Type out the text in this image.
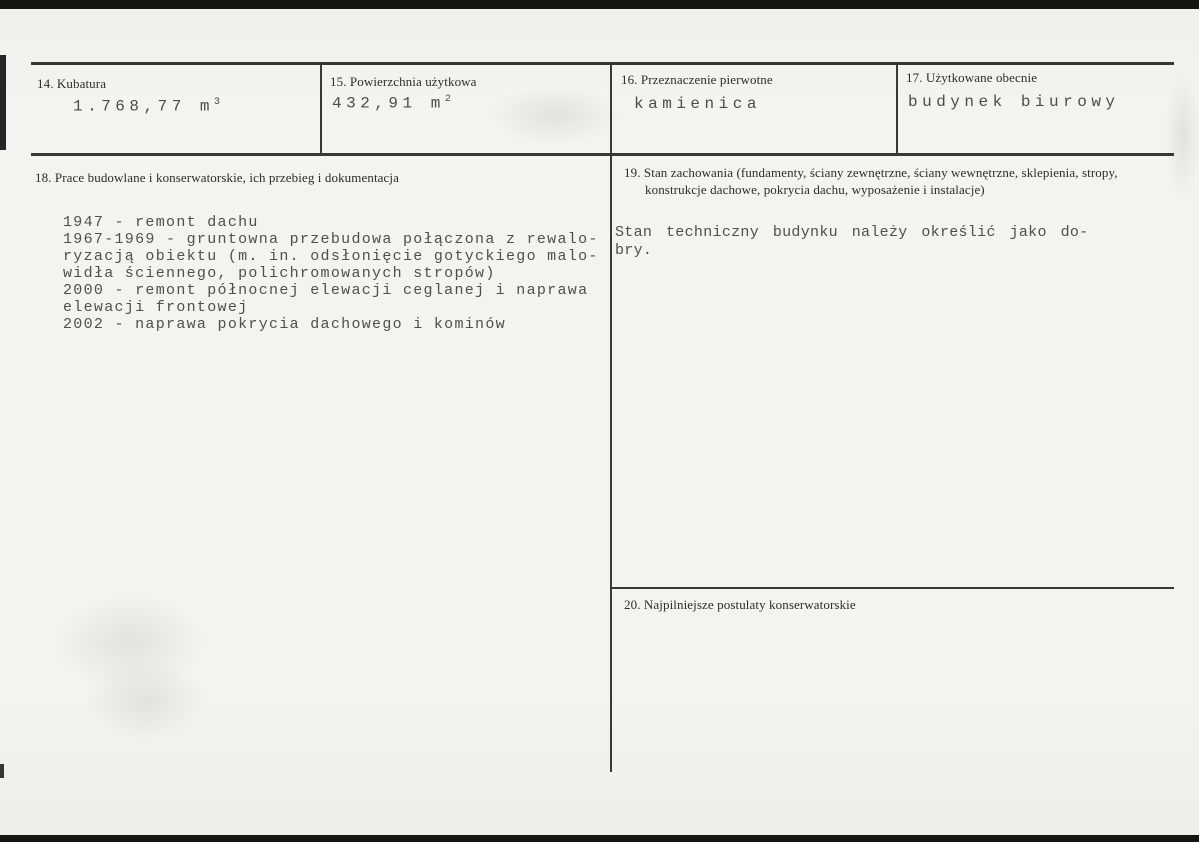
14. Kubatura
1.768,77 $m^3$
15. Powierzchnia użytkowa
432,91 $m^2$
16. Przeznaczenie pierwotne
kamienica
17. Użytkowane obecnie
budynek biurowy
18. Prace budowlane i konserwatorskie, ich przebieg i dokumentacja
1947 - remont dachu
1967-1969 - gruntowna przebudowa połączona z rewalo-
ryzacją obiektu (m. in. odsłonięcie gotyckiego malo-
widła ściennego, polichromowanych stropów)
2000 - remont północnej elewacji ceglanej i naprawa
elewacji frontowej
2002 - naprawa pokrycia dachowego i kominów
19. Stan zachowania (fundamenty, ściany zewnętrzne, ściany wewnętrzne, sklepienia, stropy,
konstrukcje dachowe, pokrycia dachu, wyposażenie i instalacje)
Stan techniczny budynku należy określić jako do-
bry.
20. Najpilniejsze postulaty konserwatorskie
